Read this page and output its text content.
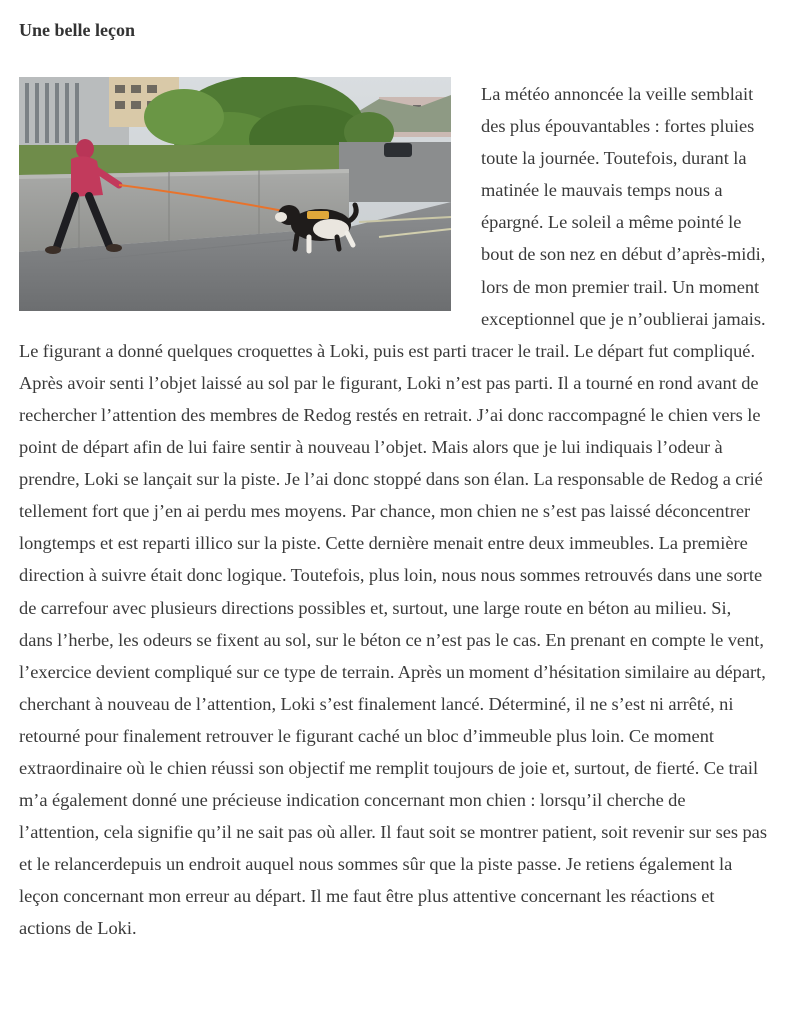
Une belle leçon

La météo annoncée la veille semblait des plus épouvantables : fortes pluies toute la journée. Toutefois, durant la matinée le mauvais temps nous a épargné. Le soleil a même pointé le bout de son nez en début d’après-midi, lors de mon premier trail. Un moment exceptionnel que je n’oublierai jamais. Le figurant a donné quelques croquettes à Loki, puis est parti tracer le trail. Le départ fut compliqué. Après avoir senti l’objet laissé au sol par le figurant, Loki n’est pas parti. Il a tourné en rond avant de rechercher l’attention des membres de Redog restés en retrait. J’ai donc raccompagné le chien vers le point de départ afin de lui faire sentir à nouveau l’objet. Mais alors que je lui indiquais l’odeur à prendre, Loki se lançait sur la piste. Je l’ai donc stoppé dans son élan. La responsable de Redog a crié tellement fort que j’en ai perdu mes moyens. Par chance, mon chien ne s’est pas laissé déconcentrer longtemps et est reparti illico sur la piste. Cette dernière menait entre deux immeubles. La première direction à suivre était donc logique. Toutefois, plus loin, nous nous sommes retrouvés dans une sorte de carrefour avec plusieurs directions possibles et, surtout, une large route en béton au milieu. Si, dans l’herbe, les odeurs se fixent au sol, sur le béton ce n’est pas le cas. En prenant en compte le vent, l’exercice devient compliqué sur ce type de terrain. Après un moment d’hésitation similaire au départ, cherchant à nouveau de l’attention, Loki s’est finalement lancé. Déterminé, il ne s’est ni arrêté, ni retourné pour finalement retrouver le figurant caché un bloc d’immeuble plus loin. Ce moment extraordinaire où le chien réussi son objectif me remplit toujours de joie et, surtout, de fierté. Ce trail m’a également donné une précieuse indication concernant mon chien : lorsqu’il cherche de l’attention, cela signifie qu’il ne sait pas où aller. Il faut soit se montrer patient, soit revenir sur ses pas et le relancerdepuis un endroit auquel nous sommes sûr que la piste passe. Je retiens également la leçon concernant mon erreur au départ. Il me faut être plus attentive concernant les réactions et actions de Loki.
